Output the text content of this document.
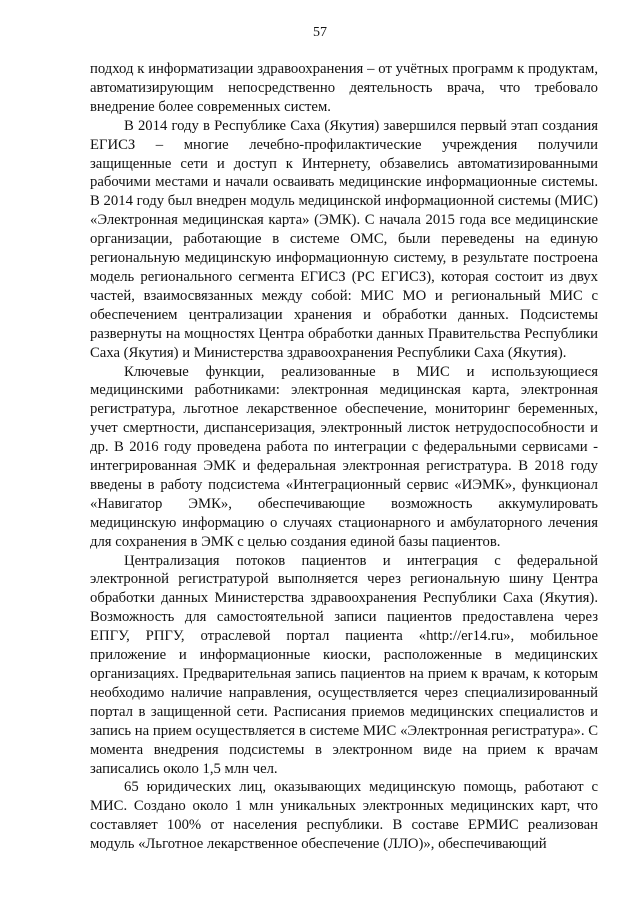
57

подход к информатизации здравоохранения – от учётных программ к продуктам, автоматизирующим непосредственно деятельность врача, что требовало внедрение более современных систем.

В 2014 году в Республике Саха (Якутия) завершился первый этап создания ЕГИСЗ – многие лечебно-профилактические учреждения получили защищенные сети и доступ к Интернету, обзавелись автоматизированными рабочими местами и начали осваивать медицинские информационные системы. В 2014 году был внедрен модуль медицинской информационной системы (МИС) «Электронная медицинская карта» (ЭМК). С начала 2015 года все медицинские организации, работающие в системе ОМС, были переведены на единую региональную медицинскую информационную систему, в результате построена модель регионального сегмента ЕГИСЗ (РС ЕГИСЗ), которая состоит из двух частей, взаимосвязанных между собой: МИС МО и региональный МИС с обеспечением централизации хранения и обработки данных. Подсистемы развернуты на мощностях Центра обработки данных Правительства Республики Саха (Якутия) и Министерства здравоохранения Республики Саха (Якутия).

Ключевые функции, реализованные в МИС и использующиеся медицинскими работниками: электронная медицинская карта, электронная регистратура, льготное лекарственное обеспечение, мониторинг беременных, учет смертности, диспансеризация, электронный листок нетрудоспособности и др. В 2016 году проведена работа по интеграции с федеральными сервисами - интегрированная ЭМК и федеральная электронная регистратура. В 2018 году введены в работу подсистема «Интеграционный сервис «ИЭМК», функционал «Навигатор ЭМК», обеспечивающие возможность аккумулировать медицинскую информацию о случаях стационарного и амбулаторного лечения для сохранения в ЭМК с целью создания единой базы пациентов.

Централизация потоков пациентов и интеграция с федеральной электронной регистратурой выполняется через региональную шину Центра обработки данных Министерства здравоохранения Республики Саха (Якутия). Возможность для самостоятельной записи пациентов предоставлена через ЕПГУ, РПГУ, отраслевой портал пациента «http://er14.ru», мобильное приложение и информационные киоски, расположенные в медицинских организациях. Предварительная запись пациентов на прием к врачам, к которым необходимо наличие направления, осуществляется через специализированный портал в защищенной сети. Расписания приемов медицинских специалистов и запись на прием осуществляется в системе МИС «Электронная регистратура». С момента внедрения подсистемы в электронном виде на прием к врачам записались около 1,5 млн чел.

65 юридических лиц, оказывающих медицинскую помощь, работают с МИС. Создано около 1 млн уникальных электронных медицинских карт, что составляет 100% от населения республики. В составе ЕРМИС реализован модуль «Льготное лекарственное обеспечение (ЛЛО)», обеспечивающий
